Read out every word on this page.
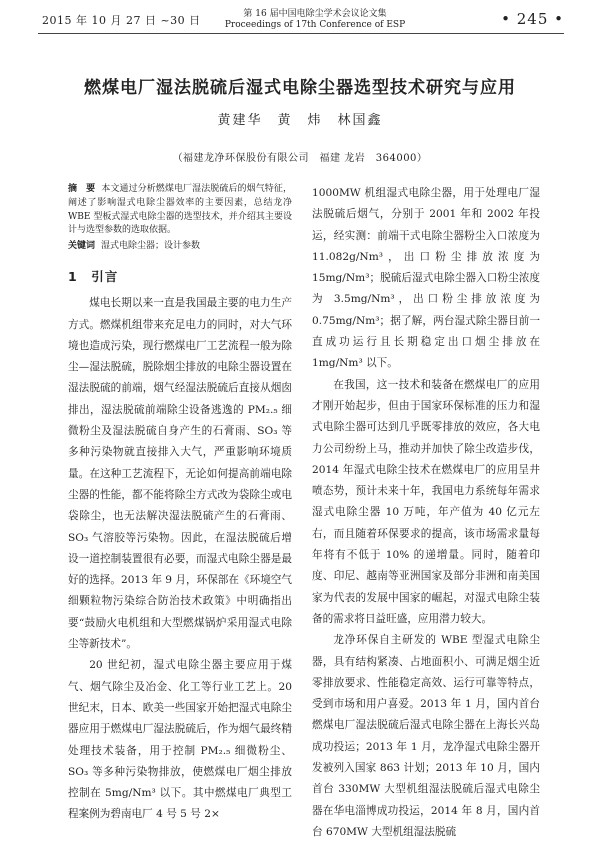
2015 年 10 月 27 日 ~30 日	第 16 届中国电除尘学术会议论文集
Proceedings of 17th Conference of ESP	• 245 •
燃煤电厂湿法脱硫后湿式电除尘器选型技术研究与应用
黄建华　黄　炜　林国鑫
（福建龙净环保股份有限公司　福建 龙岩　364000）
摘　要 本文通过分析燃煤电厂湿法脱硫后的烟气特征，阐述了影响湿式电除尘器效率的主要因素，总结龙净 WBE 型板式湿式电除尘器的选型技术，并介绍其主要设计与选型参数的选取依据。
关键词 湿式电除尘器；设计参数
1　引言

煤电长期以来一直是我国最主要的电力生产方式。燃煤机组带来充足电力的同时，对大气环境也造成污染，现行燃煤电厂工艺流程一般为除尘—湿法脱硫，脱除烟尘排放的电除尘器设置在湿法脱硫的前端，烟气经湿法脱硫后直接从烟囱排出，湿法脱硫前端除尘设备逃逸的 PM₂.₅ 细微粉尘及湿法脱硫自身产生的石膏雨、SO₃ 等多种污染物就直接排入大气，严重影响环境质量。在这种工艺流程下，无论如何提高前端电除尘器的性能，都不能将除尘方式改为袋除尘或电袋除尘，也无法解决湿法脱硫产生的石膏雨、SO₃ 气溶胶等污染物。因此，在湿法脱硫后增设一道控制装置很有必要，而湿式电除尘器是最好的选择。2013 年 9 月，环保部在《环境空气细颗粒物污染综合防治技术政策》中明确指出要“鼓励火电机组和大型燃煤锅炉采用湿式电除尘等新技术”。

20 世纪初，湿式电除尘器主要应用于煤气、烟气除尘及冶金、化工等行业工艺上。20 世纪末，日本、欧美一些国家开始把湿式电除尘器应用于燃煤电厂湿法脱硫后，作为烟气最终精处理技术装备，用于控制 PM₂.₅ 细微粉尘、SO₃ 等多种污染物排放，使燃煤电厂烟尘排放控制在 5mg/Nm³ 以下。其中燃煤电厂典型工程案例为碧南电厂 4 号 5 号 2×

1000MW 机组湿式电除尘器，用于处理电厂湿法脱硫后烟气，分别于 2001 年和 2002 年投运，经实测：前端干式电除尘器粉尘入口浓度为 11.082g/Nm³，出口粉尘排放浓度为 15mg/Nm³；脱硫后湿式电除尘器入口粉尘浓度为 3.5mg/Nm³，出口粉尘排放浓度为 0.75mg/Nm³；据了解，两台湿式除尘器目前一直成功运行且长期稳定出口烟尘排放在 1mg/Nm³ 以下。

在我国，这一技术和装备在燃煤电厂的应用才刚开始起步，但由于国家环保标准的压力和湿式电除尘器可达到几乎既零排放的效应，各大电力公司纷纷上马，推动并加快了除尘改造步伐，2014 年湿式电除尘技术在燃煤电厂的应用呈井喷态势，预计未来十年，我国电力系统每年需求湿式电除尘器 10 万吨，年产值为 40 亿元左右，而且随着环保要求的提高，该市场需求量每年将有不低于 10% 的递增量。同时，随着印度、印尼、越南等亚洲国家及部分非洲和南美国家为代表的发展中国家的崛起，对湿式电除尘装备的需求将日益旺盛，应用潜力较大。

龙净环保自主研发的 WBE 型湿式电除尘器，具有结构紧凑、占地面积小、可满足烟尘近零排放要求、性能稳定高效、运行可靠等特点，受到市场和用户喜爱。2013 年 1 月，国内首台燃煤电厂湿法脱硫后湿式电除尘器在上海长兴岛成功投运；2013 年 1 月，龙净湿式电除尘器开发被列入国家 863 计划；2013 年 10 月，国内首台 330MW 大型机组湿法脱硫后湿式电除尘器在华电淄博成功投运，2014 年 8 月，国内首台 670MW 大型机组湿法脱硫
